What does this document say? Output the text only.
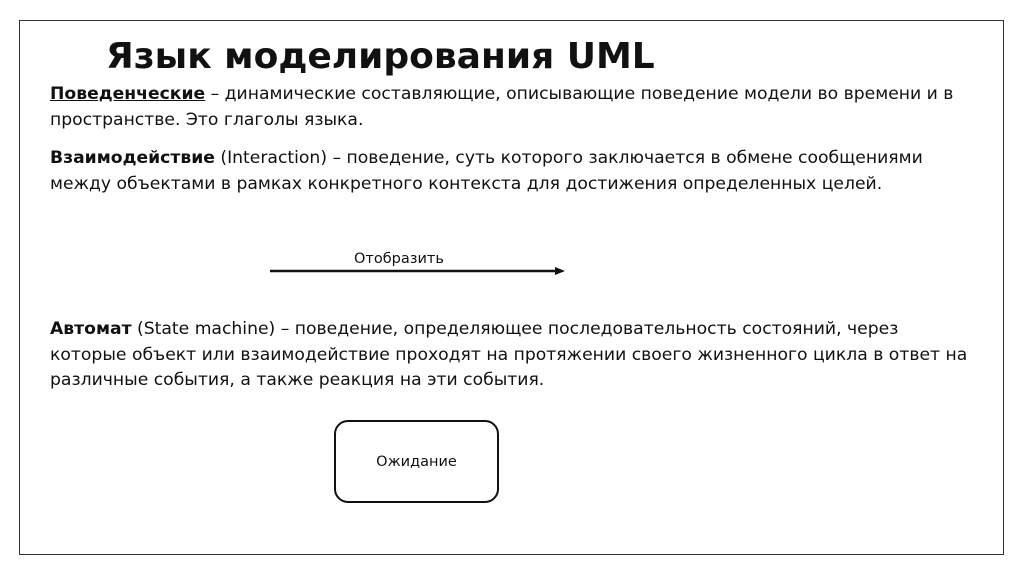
Язык моделирования UML

Поведенческие – динамические составляющие, описывающие поведение модели во времени и в пространстве. Это глаголы языка.

Взаимодействие (Interaction) – поведение, суть которого заключается в обмене сообщениями между объектами в рамках конкретного контекста для достижения определенных целей.

Отобразить

Автомат (State machine) – поведение, определяющее последовательность состояний, через которые объект или взаимодействие проходят на протяжении своего жизненного цикла в ответ на различные события, а также реакция на эти события.

Ожидание
